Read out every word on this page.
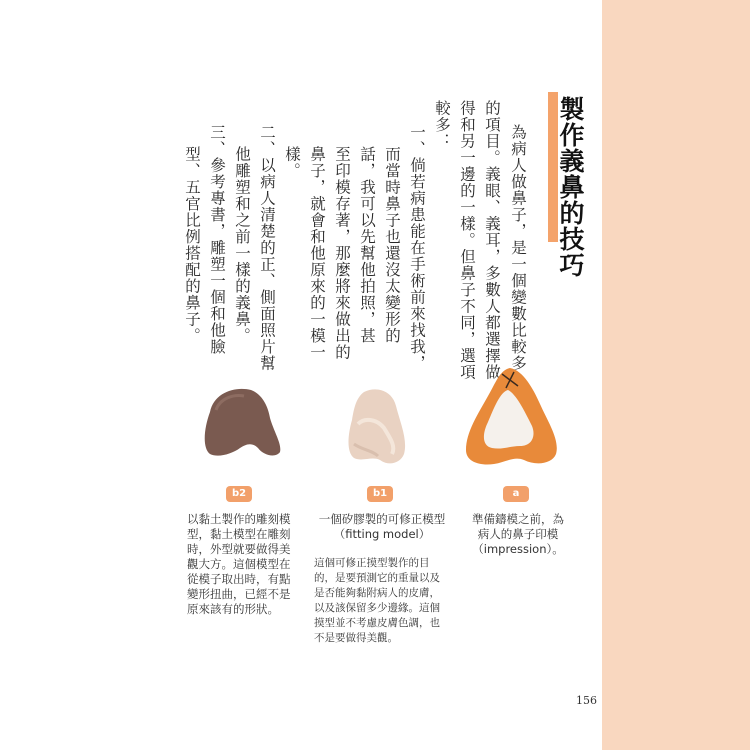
製作義鼻的技巧
為病人做鼻子，是一個變數比較多
的項目。義眼、義耳，多數人都選擇做
得和另一邊的一樣。但鼻子不同，選項
較多：
一、倘若病患能在手術前來找我，
而當時鼻子也還沒太變形的
話，我可以先幫他拍照，甚
至印模存著，那麼將來做出的
鼻子，就會和他原來的一模一
樣。
二、以病人清楚的正、側面照片幫
他雕塑和之前一樣的義鼻。
三、參考專書，雕塑一個和他臉
型、五官比例搭配的鼻子。
b2	b1	a
以黏土製作的雕刻模
型，黏土模型在雕刻
時，外型就要做得美
觀大方。這個模型在
從模子取出時，有點
變形扭曲，已經不是
原來該有的形狀。
一個矽膠製的可修正模型
（fitting model）
這個可修正摸型製作的目
的，是要預測它的重量以及
是否能夠黏附病人的皮膚，
以及該保留多少邊緣。這個
摸型並不考慮皮膚色調，也
不是要做得美觀。
準備鑄模之前，為
病人的鼻子印模
（impression）。
156
